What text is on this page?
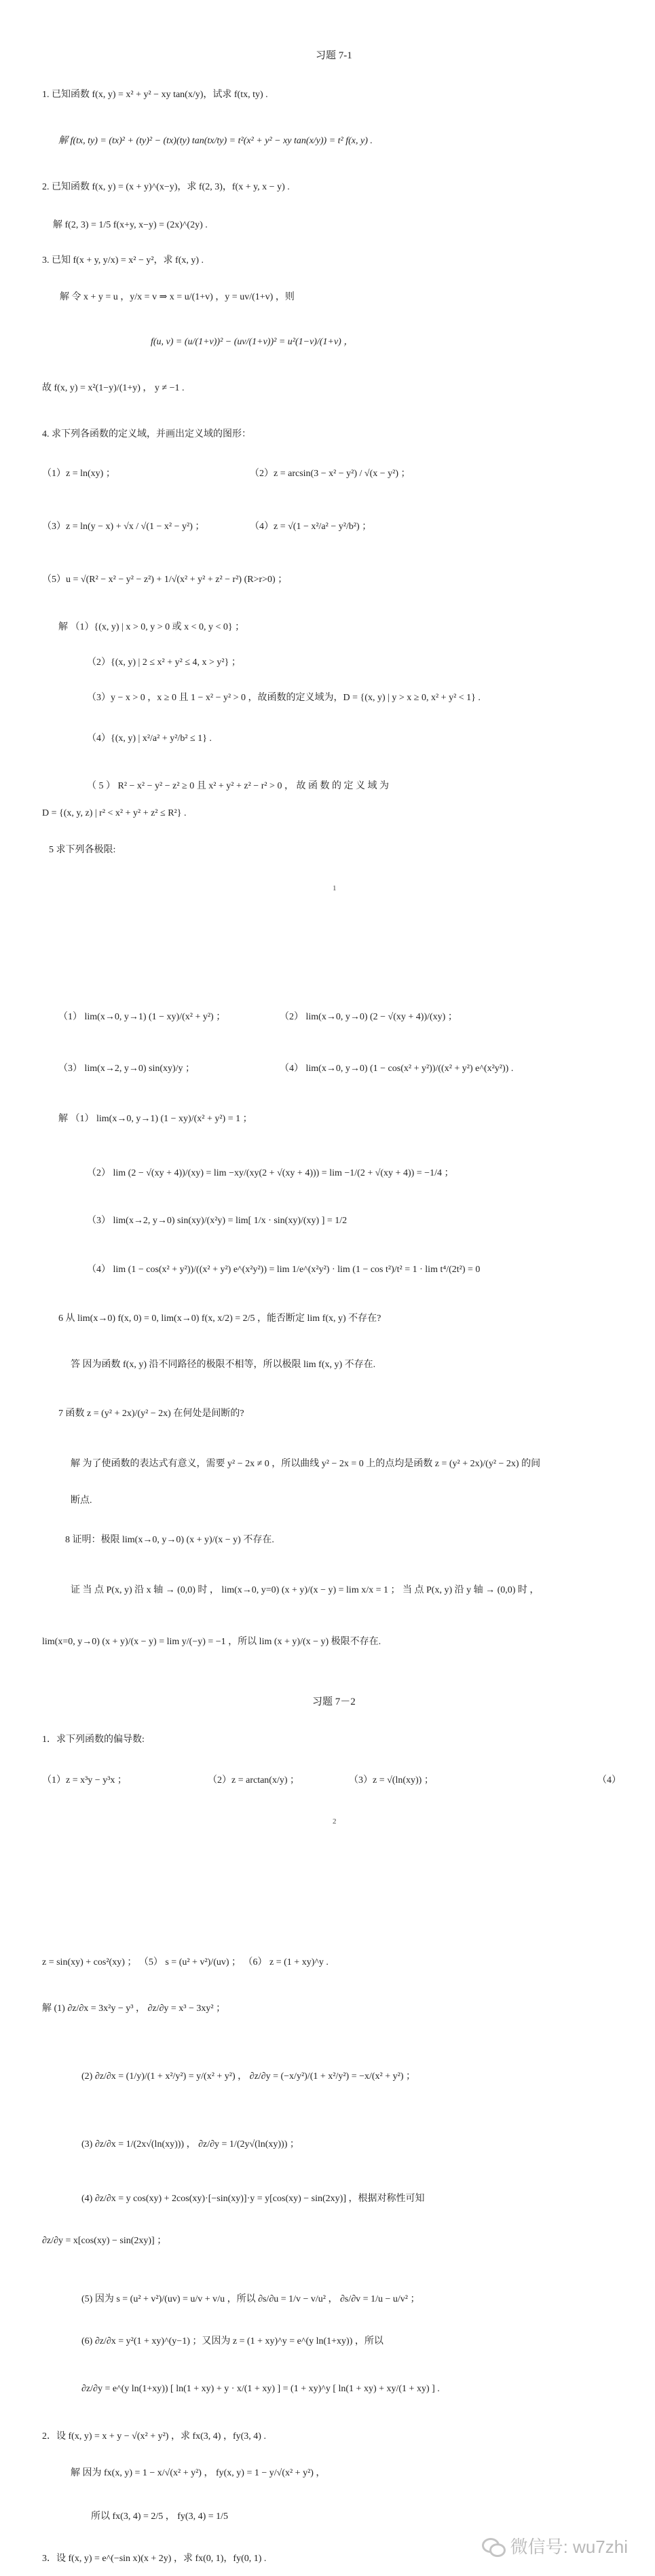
习题 7-1
1. 已知函数 f(x, y) = x² + y² − xy tan(x/y)，试求 f(tx, ty) .
解 f(tx, ty) = (tx)² + (ty)² − (tx)(ty) tan(tx/ty) = t²(x² + y² − xy tan(x/y)) = t² f(x, y) .
2. 已知函数 f(x, y) = (x + y)^(x−y)，求 f(2, 3)，f(x + y, x − y) .
解 f(2, 3) = 1/5 f(x+y, x−y) = (2x)^(2y) .
3. 已知 f(x + y, y/x) = x² − y²，求 f(x, y) .
解 令 x + y = u ，y/x = v ⇒ x = u/(1+v) ，y = uv/(1+v) ，则
f(u, v) = (u/(1+v))² − (uv/(1+v))² = u²(1−v)/(1+v) ，
故 f(x, y) = x²(1−y)/(1+y) ， y ≠ −1 .
4. 求下列各函数的定义域，并画出定义域的图形：
（1）z = ln(xy) ；	（2）z = arcsin(3 − x² − y²) / √(x − y²) ；
（3）z = ln(y − x) + √x / √(1 − x² − y²) ；	（4）z = √(1 − x²/a² − y²/b²) ；
（5）u = √(R² − x² − y² − z²) + 1/√(x² + y² + z² − r²) (R>r>0) ；
解 （1）{(x, y) | x > 0, y > 0 或 x < 0, y < 0} ；
（2）{(x, y) | 2 ≤ x² + y² ≤ 4, x > y²} ；
（3）y − x > 0 ，x ≥ 0 且 1 − x² − y² > 0 ，故函数的定义域为，D = {(x, y) | y > x ≥ 0, x² + y² < 1} .
（4）{(x, y) | x²/a² + y²/b² ≤ 1} .
（ 5 ） R² − x² − y² − z² ≥ 0 且 x² + y² + z² − r² > 0 ， 故 函 数 的 定 义 域 为
D = {(x, y, z) | r² < x² + y² + z² ≤ R²} .
5 求下列各极限:
1
（1） lim(x→0, y→1) (1 − xy)/(x² + y²) ；	（2） lim(x→0, y→0) (2 − √(xy + 4))/(xy) ；
（3） lim(x→2, y→0) sin(xy)/y ；	（4） lim(x→0, y→0) (1 − cos(x² + y²))/((x² + y²) e^(x²y²)) .
解 （1） lim(x→0, y→1) (1 − xy)/(x² + y²) = 1 ；
（2） lim (2 − √(xy + 4))/(xy) = lim −xy/(xy(2 + √(xy + 4))) = lim −1/(2 + √(xy + 4)) = −1/4 ；
（3） lim(x→2, y→0) sin(xy)/(x²y) = lim[ 1/x · sin(xy)/(xy) ] = 1/2
（4） lim (1 − cos(x² + y²))/((x² + y²) e^(x²y²)) = lim 1/e^(x²y²) · lim (1 − cos t²)/t² = 1 · lim t⁴/(2t²) = 0
6 从 lim(x→0) f(x, 0) = 0, lim(x→0) f(x, x/2) = 2/5 ，能否断定 lim f(x, y) 不存在?
答 因为函数 f(x, y) 沿不同路径的极限不相等，所以极限 lim f(x, y) 不存在.
7 函数 z = (y² + 2x)/(y² − 2x) 在何处是间断的?
解 为了使函数的表达式有意义，需要 y² − 2x ≠ 0 ，所以曲线 y² − 2x = 0 上的点均是函数 z = (y² + 2x)/(y² − 2x) 的间
断点.
8 证明：极限 lim(x→0, y→0) (x + y)/(x − y) 不存在.
证 当 点 P(x, y) 沿 x 轴 → (0,0) 时 ， lim(x→0, y=0) (x + y)/(x − y) = lim x/x = 1 ； 当 点 P(x, y) 沿 y 轴 → (0,0) 时 ，
lim(x=0, y→0) (x + y)/(x − y) = lim y/(−y) = −1 ，所以 lim (x + y)/(x − y) 极限不存在.
习题 7－2
1．求下列函数的偏导数:
（1）z = x³y − y³x ；	（2）z = arctan(x/y) ；	（3）z = √(ln(xy)) ；	（4）
2
z = sin(xy) + cos²(xy) ； （5） s = (u² + v²)/(uv) ； （6） z = (1 + xy)^y .
解 (1) ∂z/∂x = 3x²y − y³ ， ∂z/∂y = x³ − 3xy² ；
(2) ∂z/∂x = (1/y)/(1 + x²/y²) = y/(x² + y²) ， ∂z/∂y = (−x/y²)/(1 + x²/y²) = −x/(x² + y²) ；
(3) ∂z/∂x = 1/(2x√(ln(xy))) ， ∂z/∂y = 1/(2y√(ln(xy))) ；
(4) ∂z/∂x = y cos(xy) + 2cos(xy)·[−sin(xy)]·y = y[cos(xy) − sin(2xy)] ，根据对称性可知
∂z/∂y = x[cos(xy) − sin(2xy)] ；
(5) 因为 s = (u² + v²)/(uv) = u/v + v/u ，所以 ∂s/∂u = 1/v − v/u² ， ∂s/∂v = 1/u − u/v² ；
(6) ∂z/∂x = y²(1 + xy)^(y−1) ；又因为 z = (1 + xy)^y = e^(y ln(1+xy)) ，所以
∂z/∂y = e^(y ln(1+xy)) [ ln(1 + xy) + y · x/(1 + xy) ] = (1 + xy)^y [ ln(1 + xy) + xy/(1 + xy) ] .
2．设 f(x, y) = x + y − √(x² + y²) ，求 fx(3, 4) ，fy(3, 4) .
解 因为 fx(x, y) = 1 − x/√(x² + y²) ， fy(x, y) = 1 − y/√(x² + y²) ，
所以 fx(3, 4) = 2/5 ， fy(3, 4) = 1/5
3．设 f(x, y) = e^(−sin x)(x + 2y) ，求 fx(0, 1)，fy(0, 1) .
微信号: wu7zhi
